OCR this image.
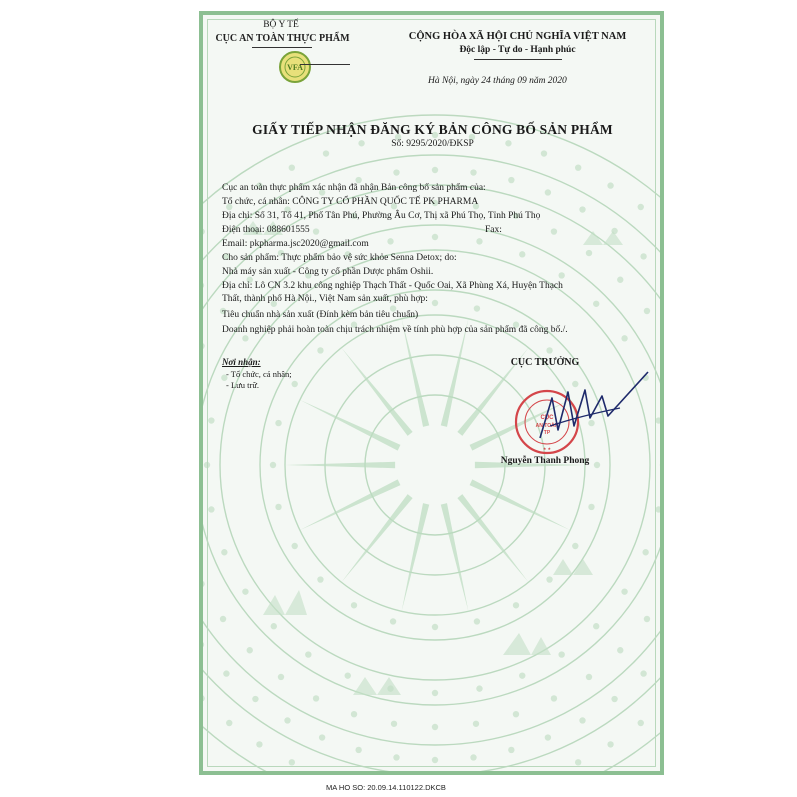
BỘ Y TẾ
CỤC AN TOÀN THỰC PHẨM
VFA
CỘNG HÒA XÃ HỘI CHỦ NGHĨA VIỆT NAM
Độc lập - Tự do - Hạnh phúc
Hà Nội, ngày 24 tháng 09 năm 2020
GIẤY TIẾP NHẬN ĐĂNG KÝ BẢN CÔNG BỐ SẢN PHẨM
Số: 9295/2020/ĐKSP
Cục an toàn thực phẩm xác nhận đã nhận Bản công bố sản phẩm của:
Tổ chức, cá nhân: CÔNG TY CỔ PHẦN QUỐC TẾ PK PHARMA
Địa chỉ: Số 31, Tổ 41, Phố Tân Phú, Phường Âu Cơ, Thị xã Phú Thọ, Tỉnh Phú Thọ
Điện thoại: 088601555	Fax:
Email: pkpharma.jsc2020@gmail.com
Cho sản phẩm: Thực phẩm bảo vệ sức khỏe Senna Detox; do:
Nhà máy sản xuất - Công ty cổ phần Dược phẩm Oshii.
Địa chỉ: Lô CN 3.2 khu công nghiệp Thạch Thất - Quốc Oai, Xã Phùng Xá, Huyện Thạch
Thất, thành phố Hà Nội., Việt Nam sản xuất, phù hợp:
Tiêu chuẩn nhà sản xuất (Đính kèm bản tiêu chuẩn)
Doanh nghiệp phải hoàn toàn chịu trách nhiệm về tính phù hợp của sản phẩm đã công bố./.
Nơi nhận:
- Tổ chức, cá nhân;
- Lưu trữ.
CỤC TRƯỞNG
CỤC
AN TOÀN
TP
★ ★
Nguyễn Thanh Phong
MA HO SO: 20.09.14.110122.DKCB
